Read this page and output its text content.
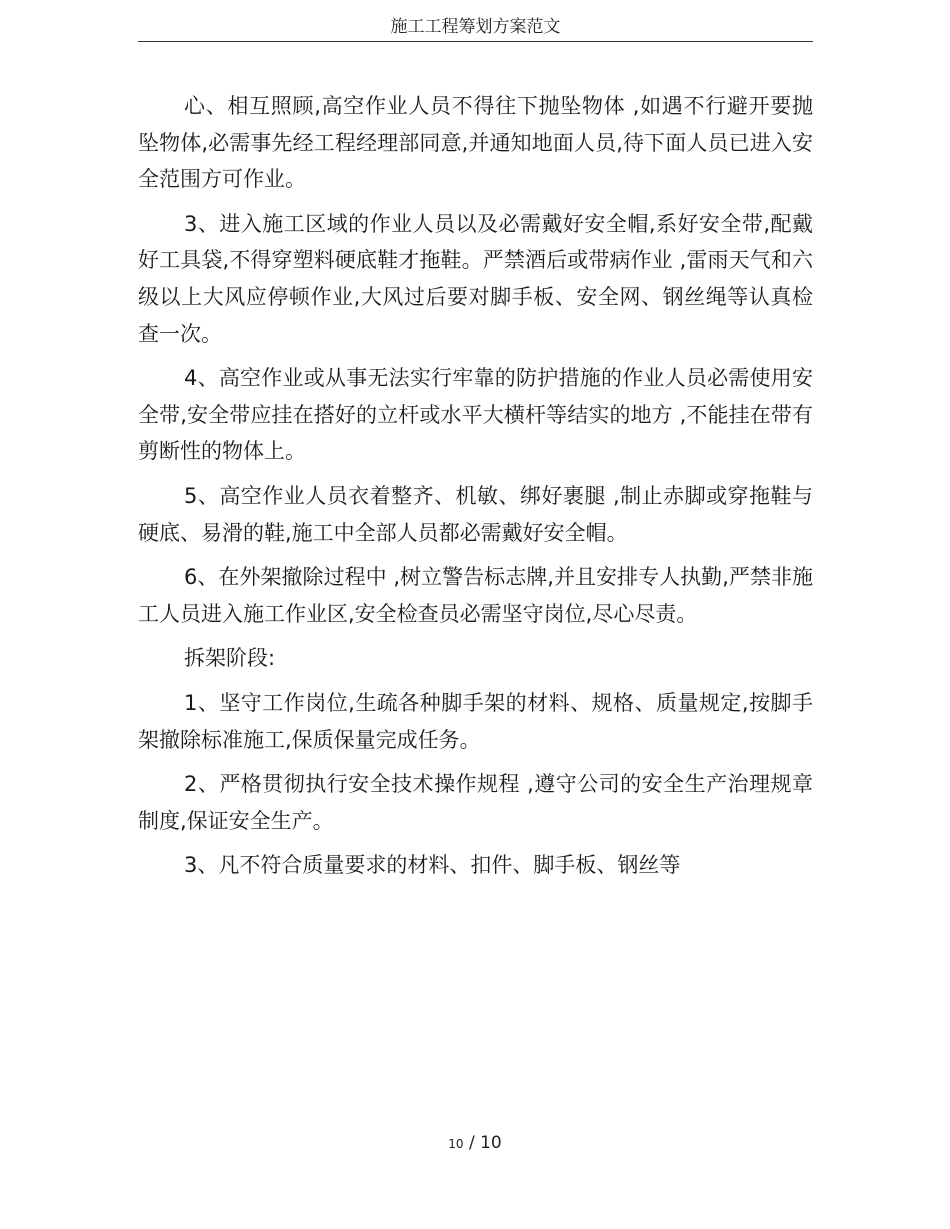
施工工程筹划方案范文

心、相互照顾,高空作业人员不得往下抛坠物体 ,如遇不行避开要抛坠物体,必需事先经工程经理部同意,并通知地面人员,待下面人员已进入安全范围方可作业。

3、进入施工区域的作业人员以及必需戴好安全帽,系好安全带,配戴好工具袋,不得穿塑料硬底鞋才拖鞋。严禁酒后或带病作业 ,雷雨天气和六级以上大风应停顿作业,大风过后要对脚手板、安全网、钢丝绳等认真检查一次。

4、高空作业或从事无法实行牢靠的防护措施的作业人员必需使用安全带,安全带应挂在搭好的立杆或水平大横杆等结实的地方 ,不能挂在带有剪断性的物体上。

5、高空作业人员衣着整齐、机敏、绑好裹腿 ,制止赤脚或穿拖鞋与硬底、易滑的鞋,施工中全部人员都必需戴好安全帽。

6、在外架撤除过程中 ,树立警告标志牌,并且安排专人执勤,严禁非施工人员进入施工作业区,安全检查员必需坚守岗位,尽心尽责。

拆架阶段:

1、坚守工作岗位,生疏各种脚手架的材料、规格、质量规定,按脚手架撤除标准施工,保质保量完成任务。

2、严格贯彻执行安全技术操作规程 ,遵守公司的安全生产治理规章制度,保证安全生产。

3、凡不符合质量要求的材料、扣件、脚手板、钢丝等

10 / 10
